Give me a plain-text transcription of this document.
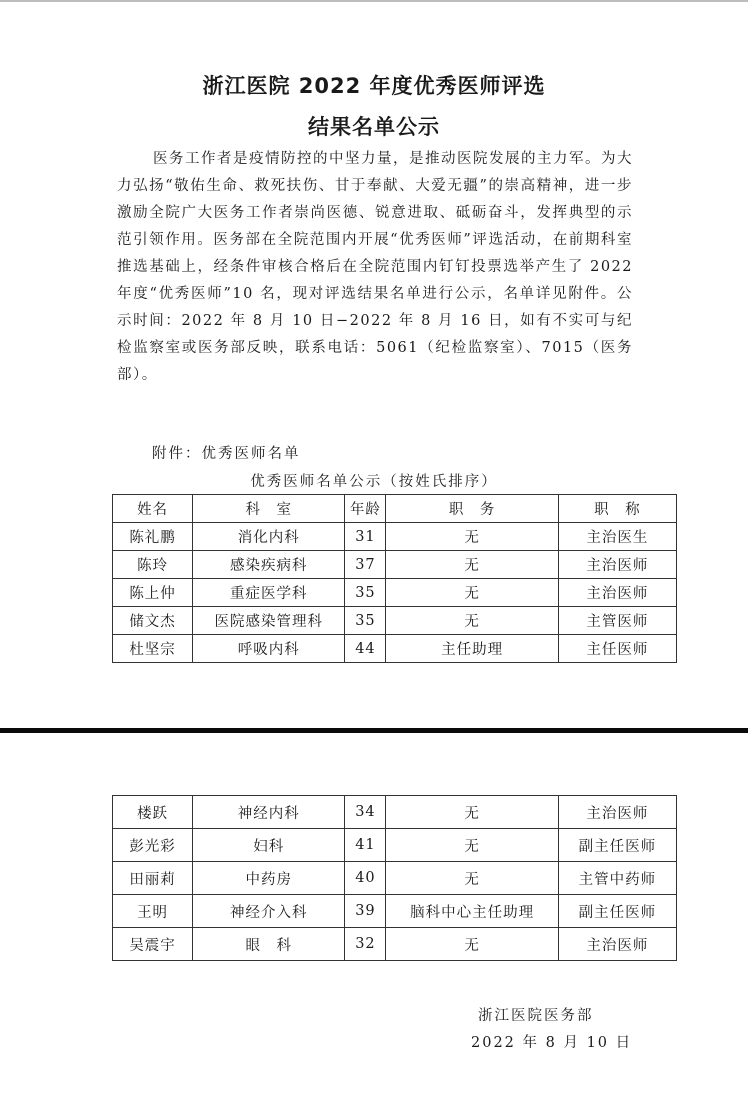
浙江医院 2022 年度优秀医师评选
结果名单公示

医务工作者是疫情防控的中坚力量，是推动医院发展的主力军。为大力弘扬“敬佑生命、救死扶伤、甘于奉献、大爱无疆”的崇高精神，进一步激励全院广大医务工作者崇尚医德、锐意进取、砥砺奋斗，发挥典型的示范引领作用。医务部在全院范围内开展“优秀医师”评选活动，在前期科室推选基础上，经条件审核合格后在全院范围内钉钉投票选举产生了 2022 年度“优秀医师”10 名，现对评选结果名单进行公示，名单详见附件。公示时间：2022 年 8 月 10 日−2022 年 8 月 16 日，如有不实可与纪检监察室或医务部反映，联系电话：5061（纪检监察室）、7015（医务部）。

附件：优秀医师名单
优秀医师名单公示（按姓氏排序）
姓名	科　室	年龄	职　务	职　称
陈礼鹏	消化内科	31	无	主治医生
陈玲	感染疾病科	37	无	主治医师
陈上仲	重症医学科	35	无	主治医师
储文杰	医院感染管理科	35	无	主管医师
杜坚宗	呼吸内科	44	主任助理	主任医师
楼跃	神经内科	34	无	主治医师
彭光彩	妇科	41	无	副主任医师
田丽莉	中药房	40	无	主管中药师
王明	神经介入科	39	脑科中心主任助理	副主任医师
吴震宇	眼　科	32	无	主治医师
浙江医院医务部
2022 年 8 月 10 日
